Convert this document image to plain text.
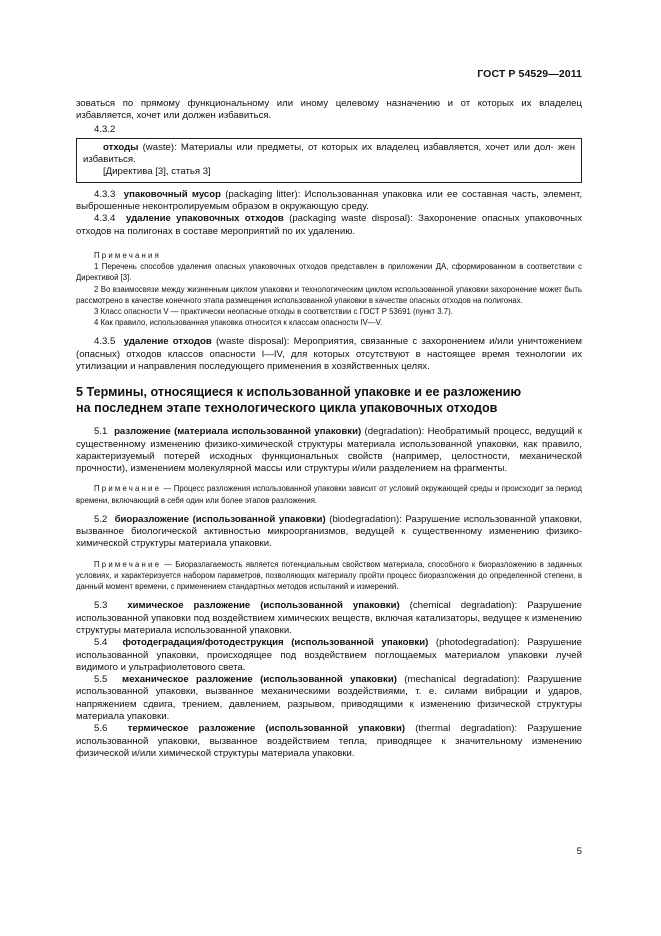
ГОСТ Р 54529—2011

зоваться по прямому функциональному или иному целевому назначению и от которых их владелец избавляется, хочет или должен избавиться.

4.3.2

отходы (waste): Материалы или предметы, от которых их владелец избавляется, хочет или дол- жен избавиться.

[Директива [3], статья 3]

4.3.3 упаковочный мусор (packaging litter): Использованная упаковка или ее составная часть, элемент, выброшенные неконтролируемым образом в окружающую среду.

4.3.4 удаление упаковочных отходов (packaging waste disposal): Захоронение опасных упаковочных отходов на полигонах в составе мероприятий по их удалению.

Примечания

1 Перечень способов удаления опасных упаковочных отходов представлен в приложении ДА, сформированном в соответствии с Директивой [3].

2 Во взаимосвязи между жизненным циклом упаковки и технологическим циклом использованной упаковки захоронение может быть рассмотрено в качестве конечного этапа размещения использованной упаковки в качестве опасных отходов на полигонах.

3 Класс опасности V — практически неопасные отходы в соответствии с ГОСТ Р 53691 (пункт 3.7).

4 Как правило, использованная упаковка относится к классам опасности IV—V.

4.3.5 удаление отходов (waste disposal): Мероприятия, связанные с захоронением и/или уничтожением (опасных) отходов классов опасности I—IV, для которых отсутствуют в настоящее время технологии их утилизации и направления последующего применения в хозяйственных целях.

5 Термины, относящиеся к использованной упаковке и ее разложению
на последнем этапе технологического цикла упаковочных отходов

5.1 разложение (материала использованной упаковки) (degradation): Необратимый процесс, ведущий к существенному изменению физико-химической структуры материала использованной упаковки, как правило, характеризуемый потерей исходных функциональных свойств (например, целостности, механической прочности), изменением молекулярной массы или структуры и/или разделением на фрагменты.

Примечание — Процесс разложения использованной упаковки зависит от условий окружающей среды и происходит за период времени, включающий в себя один или более этапов разложения.

5.2 биоразложение (использованной упаковки) (biodegradation): Разрушение использованной упаковки, вызванное биологической активностью микроорганизмов, ведущей к существенному изменению физико-химической структуры материала упаковки.

Примечание — Биоразлагаемость является потенциальным свойством материала, способного к биоразложению в заданных условиях, и характеризуется набором параметров, позволяющих материалу пройти процесс биоразложения до определенной степени, в данный момент времени, с применением стандартных методов испытаний и измерений.

5.3 химическое разложение (использованной упаковки) (chemical degradation): Разрушение использованной упаковки под воздействием химических веществ, включая катализаторы, ведущее к изменению структуры материала использованной упаковки.

5.4 фотодеградация/фотодеструкция (использованной упаковки) (photodegradation): Разрушение использованной упаковки, происходящее под воздействием поглощаемых материалом упаковки лучей видимого и ультрафиолетового света.

5.5 механическое разложение (использованной упаковки) (mechanical degradation): Разрушение использованной упаковки, вызванное механическими воздействиями, т. е. силами вибрации и ударов, напряжением сдвига, трением, давлением, разрывом, приводящими к изменению физической структуры материала упаковки.

5.6 термическое разложение (использованной упаковки) (thermal degradation): Разрушение использованной упаковки, вызванное воздействием тепла, приводящее к значительному изменению физической и/или химической структуры материала упаковки.

5
